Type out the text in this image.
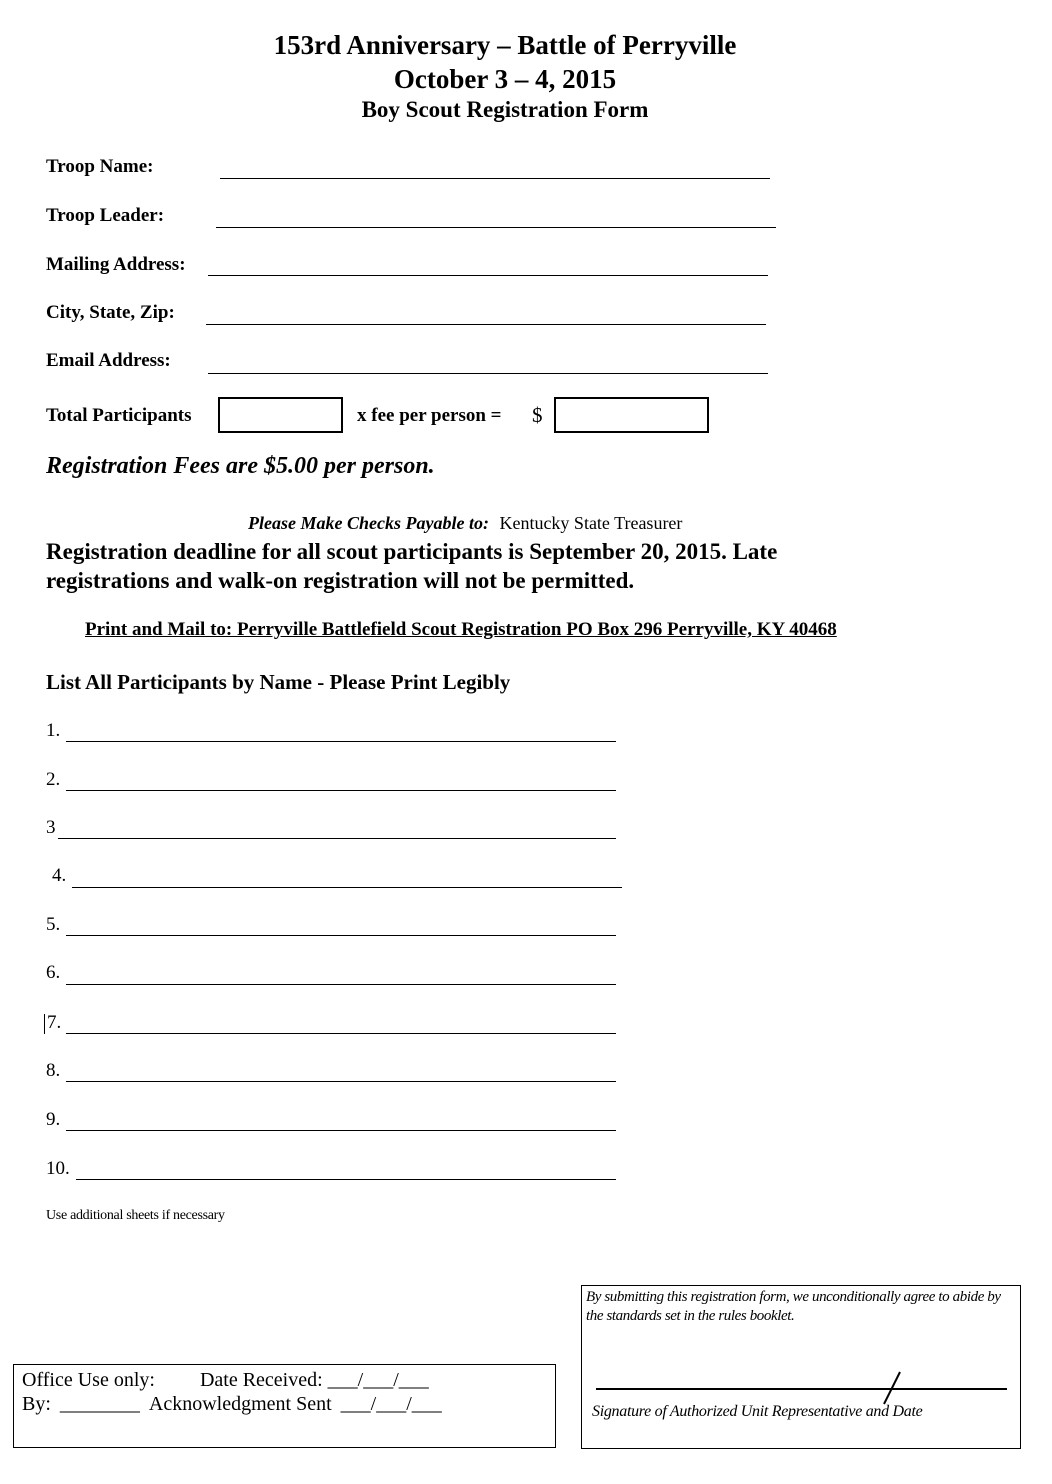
153rd Anniversary – Battle of Perryville
October 3 – 4, 2015
Boy Scout Registration Form
Troop Name:
Troop Leader:
Mailing Address:
City, State, Zip:
Email Address:
Total Participants	x fee per person = $
Registration Fees are $5.00 per person.
Please Make Checks Payable to: Kentucky State Treasurer
Registration deadline for all scout participants is September 20, 2015. Late
registrations and walk-on registration will not be permitted.
Print and Mail to: Perryville Battlefield Scout Registration PO Box 296 Perryville, KY 40468
List All Participants by Name - Please Print Legibly
1.
2.
3
4.
5.
6.
7.
8.
9.
10.
Use additional sheets if necessary
Office Use only: Date Received: ___/___/___
By: ________ Acknowledgment Sent ___/___/___
By submitting this registration form, we unconditionally agree to abide by the standards set in the rules booklet.
Signature of Authorized Unit Representative and Date
